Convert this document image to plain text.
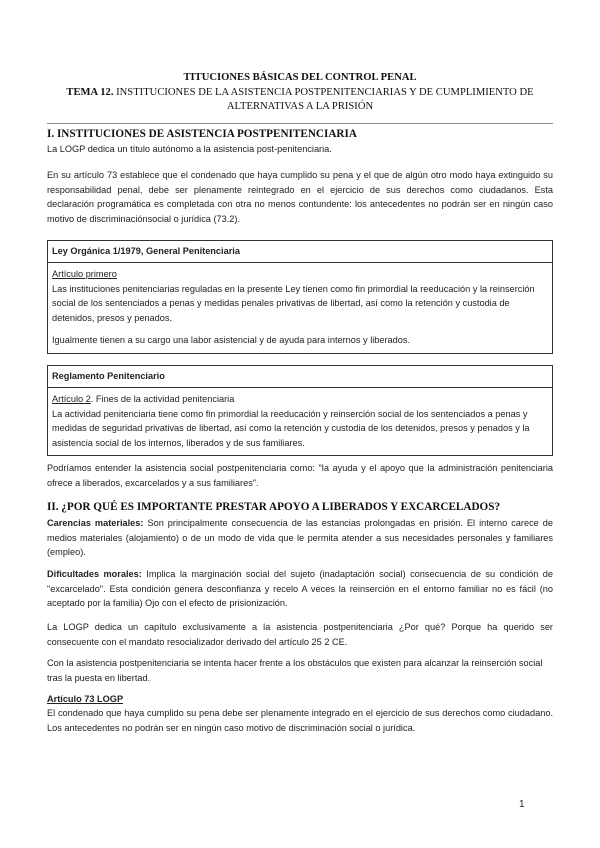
TITUCIONES BÁSICAS DEL CONTROL PENAL
TEMA 12. INSTITUCIONES DE LA ASISTENCIA POSTPENITENCIARIAS Y DE CUMPLIMIENTO DE ALTERNATIVAS A LA PRISIÓN
I. INSTITUCIONES DE ASISTENCIA POSTPENITENCIARIA
La LOGP dedica un título autónomo a la asistencia post-penitenciaria.
En su artículo 73 establece que el condenado que haya cumplido su pena y el que de algún otro modo haya extinguido su responsabilidad penal, debe ser plenamente reintegrado en el ejercicio de sus derechos como ciudadanos. Esta declaración programática es completada con otra no menos contundente: los antecedentes no podrán ser en ningún caso motivo de discriminaciónsocial o jurídica (73.2).
Ley Orgánica 1/1979, General Penitenciaria
Artículo primero
Las instituciones penitenciarias reguladas en la presente Ley tienen como fin primordial la reeducación y la reinserción social de los sentenciados a penas y medidas penales privativas de libertad, así como la retención y custodia de detenidos, presos y penados.
Igualmente tienen a su cargo una labor asistencial y de ayuda para internos y liberados.
Reglamento Penitenciario
Artículo 2. Fines de la actividad penitenciaria
La actividad penitenciaria tiene como fin primordial la reeducación y reinserción social de los sentenciados a penas y medidas de seguridad privativas de libertad, así como la retención y custodia de los detenidos, presos y penados y la asistencia social de los internos, liberados y de sus familiares.
Podríamos entender la asistencia social postpenitenciaria como: "la ayuda y el apoyo que la administración penitenciaria ofrece a liberados, excarcelados y a sus familiares".
II. ¿POR QUÉ ES IMPORTANTE PRESTAR APOYO A LIBERADOS Y EXCARCELADOS?
Carencias materiales: Son principalmente consecuencia de las estancias prolongadas en prisión. El interno carece de medios materiales (alojamiento) o de un modo de vida que le permita atender a sus necesidades personales y familiares (empleo).
Dificultades morales: Implica la marginación social del sujeto (inadaptación social) consecuencia de su condición de "excarcelado". Esta condición genera desconfianza y recelo A veces la reinserción en el entorno familiar no es fácil (no aceptado por la familia) Ojo con el efecto de prisionización.
La LOGP dedica un capítulo exclusivamente a la asistencia postpenitenciaria ¿Por qué? Porque ha querido ser consecuente con el mandato resocializador derivado del artículo 25 2 CE.
Con la asistencia postpenitenciaria se intenta hacer frente a los obstáculos que existen para alcanzar la reinserción social tras la puesta en libertad.
Artículo 73 LOGP
El condenado que haya cumplido su pena debe ser plenamente integrado en el ejercicio de sus derechos como ciudadano. Los antecedentes no podrán ser en ningún caso motivo de discriminación social o jurídica.
1
